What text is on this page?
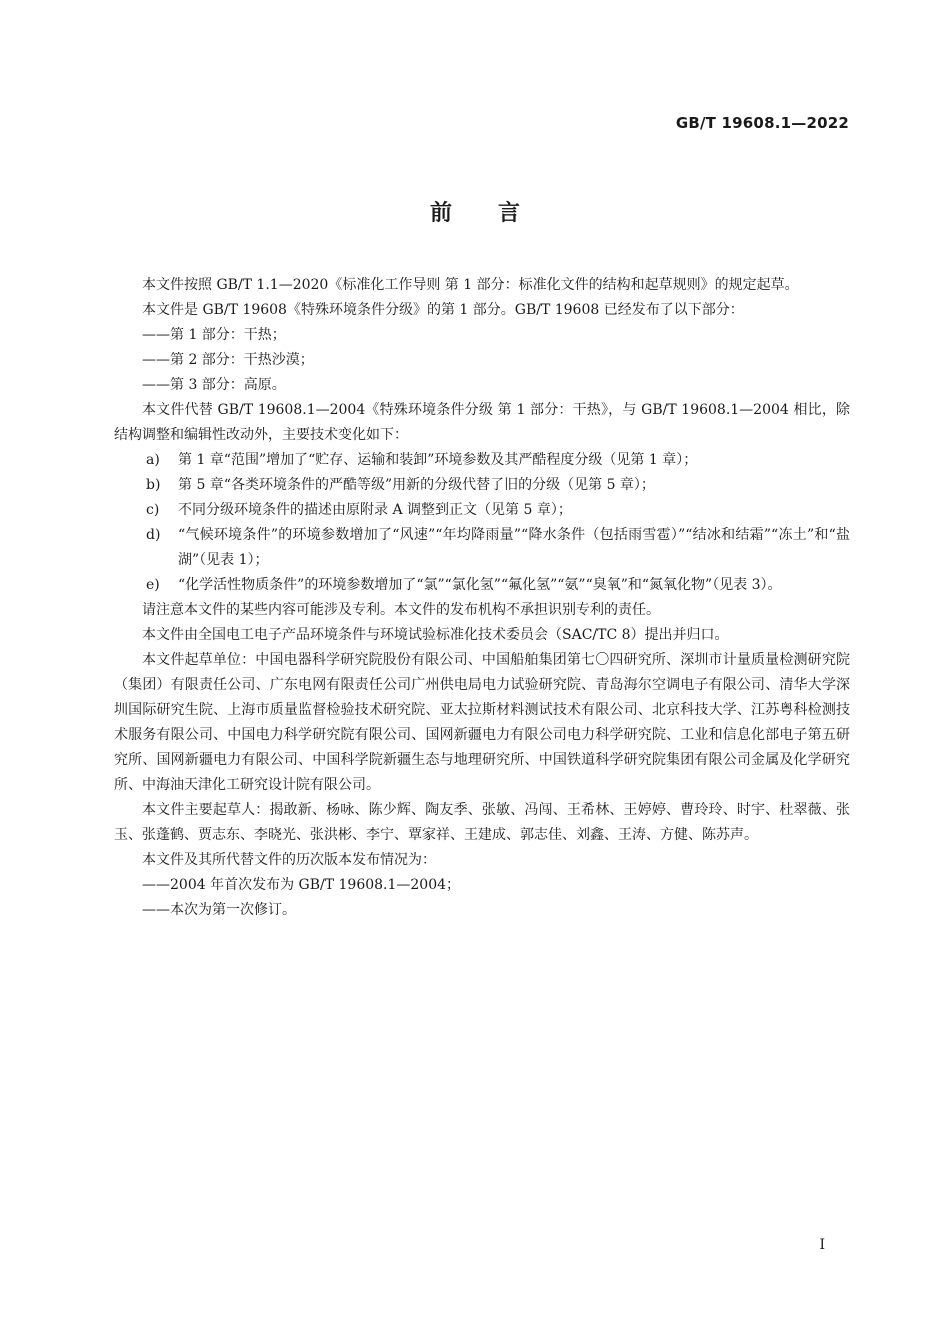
GB/T 19608.1—2022
前 言

本文件按照 GB/T 1.1—2020《标准化工作导则 第 1 部分：标准化文件的结构和起草规则》的规定起草。

本文件是 GB/T 19608《特殊环境条件分级》的第 1 部分。GB/T 19608 已经发布了以下部分：

——第 1 部分：干热；

——第 2 部分：干热沙漠；

——第 3 部分：高原。

本文件代替 GB/T 19608.1—2004《特殊环境条件分级 第 1 部分：干热》，与 GB/T 19608.1—2004 相比，除结构调整和编辑性改动外，主要技术变化如下：

a) 第 1 章“范围”增加了“贮存、运输和装卸”环境参数及其严酷程度分级（见第 1 章）；

b) 第 5 章“各类环境条件的严酷等级”用新的分级代替了旧的分级（见第 5 章）；

c) 不同分级环境条件的描述由原附录 A 调整到正文（见第 5 章）；

d) “气候环境条件”的环境参数增加了“风速”“年均降雨量”“降水条件（包括雨雪雹）”“结冰和结霜”“冻土”和“盐湖”（见表 1）；

e) “化学活性物质条件”的环境参数增加了“氯”“氯化氢”“氟化氢”“氨”“臭氧”和“氮氧化物”（见表 3）。

请注意本文件的某些内容可能涉及专利。本文件的发布机构不承担识别专利的责任。

本文件由全国电工电子产品环境条件与环境试验标准化技术委员会（SAC/TC 8）提出并归口。

本文件起草单位：中国电器科学研究院股份有限公司、中国船舶集团第七〇四研究所、深圳市计量质量检测研究院（集团）有限责任公司、广东电网有限责任公司广州供电局电力试验研究院、青岛海尔空调电子有限公司、清华大学深圳国际研究生院、上海市质量监督检验技术研究院、亚太拉斯材料测试技术有限公司、北京科技大学、江苏粤科检测技术服务有限公司、中国电力科学研究院有限公司、国网新疆电力有限公司电力科学研究院、工业和信息化部电子第五研究所、国网新疆电力有限公司、中国科学院新疆生态与地理研究所、中国铁道科学研究院集团有限公司金属及化学研究所、中海油天津化工研究设计院有限公司。

本文件主要起草人：揭敢新、杨咏、陈少辉、陶友季、张敏、冯闯、王希林、王婷婷、曹玲玲、时宇、杜翠薇、张玉、张蓬鹤、贾志东、李晓光、张洪彬、李宁、覃家祥、王建成、郭志佳、刘鑫、王涛、方健、陈苏声。

本文件及其所代替文件的历次版本发布情况为：

——2004 年首次发布为 GB/T 19608.1—2004；

——本次为第一次修订。

I
